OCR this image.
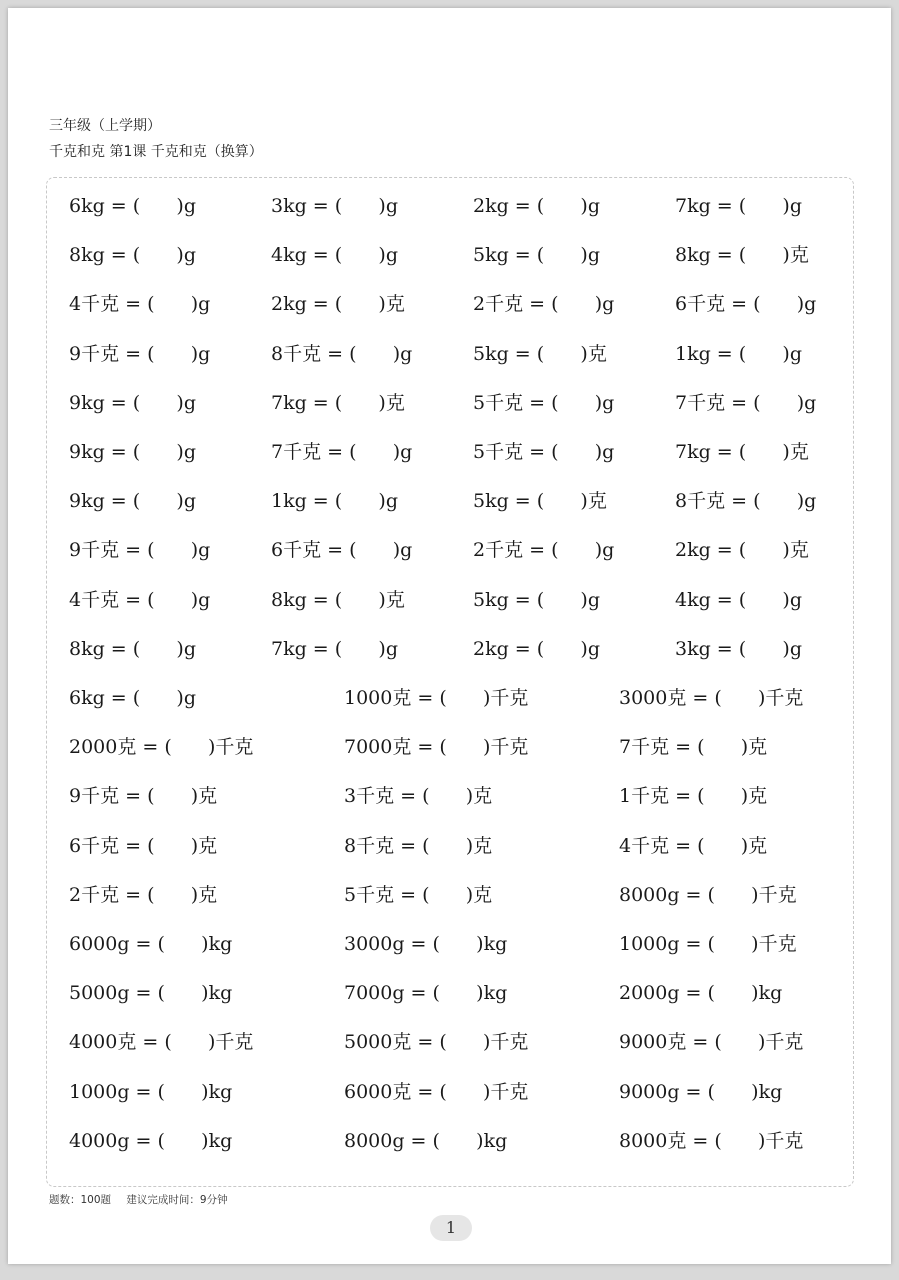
三年级（上学期）
千克和克 第1课 千克和克（换算）
6kg = (      )g	3kg = (      )g	2kg = (      )g	7kg = (      )g
8kg = (      )g	4kg = (      )g	5kg = (      )g	8kg = (      )克
4千克 = (      )g	2kg = (      )克	2千克 = (      )g	6千克 = (      )g
9千克 = (      )g	8千克 = (      )g	5kg = (      )克	1kg = (      )g
9kg = (      )g	7kg = (      )克	5千克 = (      )g	7千克 = (      )g
9kg = (      )g	7千克 = (      )g	5千克 = (      )g	7kg = (      )克
9kg = (      )g	1kg = (      )g	5kg = (      )克	8千克 = (      )g
9千克 = (      )g	6千克 = (      )g	2千克 = (      )g	2kg = (      )克
4千克 = (      )g	8kg = (      )克	5kg = (      )g	4kg = (      )g
8kg = (      )g	7kg = (      )g	2kg = (      )g	3kg = (      )g
6kg = (      )g	1000克 = (      )千克	3000克 = (      )千克
2000克 = (      )千克	7000克 = (      )千克	7千克 = (      )克
9千克 = (      )克	3千克 = (      )克	1千克 = (      )克
6千克 = (      )克	8千克 = (      )克	4千克 = (      )克
2千克 = (      )克	5千克 = (      )克	8000g = (      )千克
6000g = (      )kg	3000g = (      )kg	1000g = (      )千克
5000g = (      )kg	7000g = (      )kg	2000g = (      )kg
4000克 = (      )千克	5000克 = (      )千克	9000克 = (      )千克
1000g = (      )kg	6000克 = (      )千克	9000g = (      )kg
4000g = (      )kg	8000g = (      )kg	8000克 = (      )千克
题数：100题 建议完成时间：9分钟
1
